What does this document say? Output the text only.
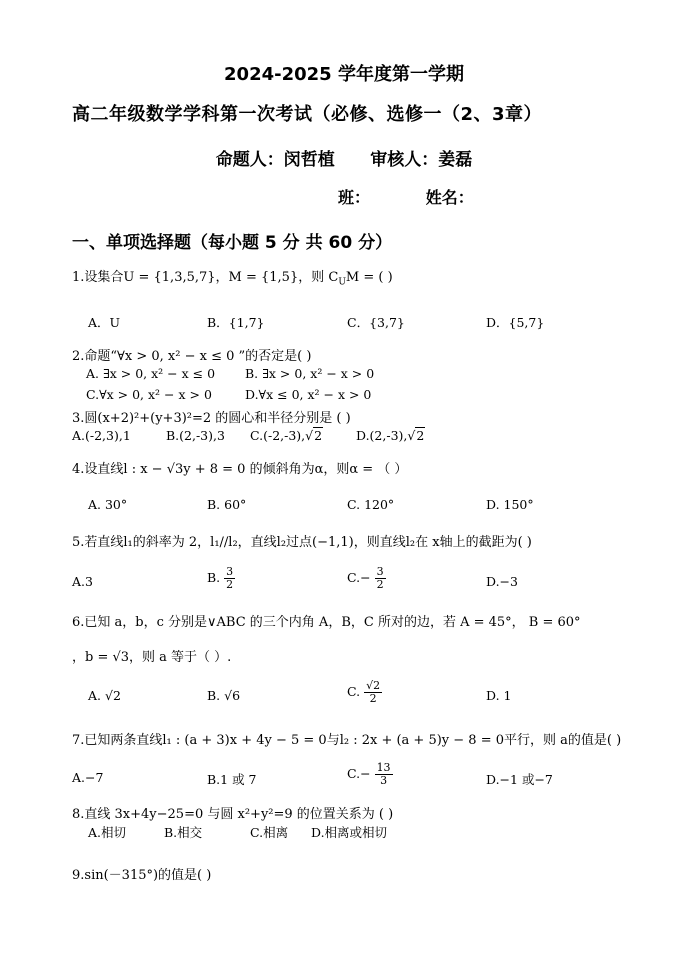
2024-2025 学年度第一学期
高二年级数学学科第一次考试（必修、选修一（2、3章）
命题人：闵哲植      审核人：姜磊
班：          姓名：
一、单项选择题（每小题 5 分 共 60 分）
1.设集合U = {1,3,5,7}，M = {1,5}，则 $C_UM$ = ( )
A．U	B．{1,7}	C．{3,7}	D．{5,7}
2.命题“∀x > 0, x² − x ≤ 0 ”的否定是( )
A. ∃x > 0, x² − x ≤ 0 B. ∃x > 0, x² − x > 0
C.∀x > 0, x² − x > 0	D.∀x ≤ 0, x² − x > 0
3.圆(x+2)²+(y+3)²=2 的圆心和半径分别是 ( )
A.(-2,3),1	B.(2,-3),3 C.(-2,-3),√2	D.(2,-3),√2
4.设直线l : x − √3y + 8 = 0 的倾斜角为α，则α = （ ）
A. 30°	B. 60°	C. 120°	D. 150°
5.若直线l₁的斜率为 2，l₁//l₂，直线l₂过点(−1,1)，则直线l₂在 x轴上的截距为( )
A.3	B. $\frac{3}{2}$	$C.- \frac{3}{2}$	D.−3
6.已知 a，b，c 分别是∨ABC 的三个内角 A，B，C 所对的边，若 A = 45°， B = 60°
，b = √3，则 a 等于（ ）.
A. √2	B. √6	C. $\frac{√2}{2}$	D. 1
7.已知两条直线l₁ : (a + 3)x + 4y − 5 = 0与l₂ : 2x + (a + 5)y − 8 = 0平行，则 a的值是( )
A.−7	B.1 或 7	$C.- \frac{13}{3}$	D.−1 或−7
8.直线 3x+4y−25=0 与圆 x²+y²=9 的位置关系为 ( )
A.相切	B.相交	C.相离 D.相离或相切
9.sin(－315°)的值是( )
